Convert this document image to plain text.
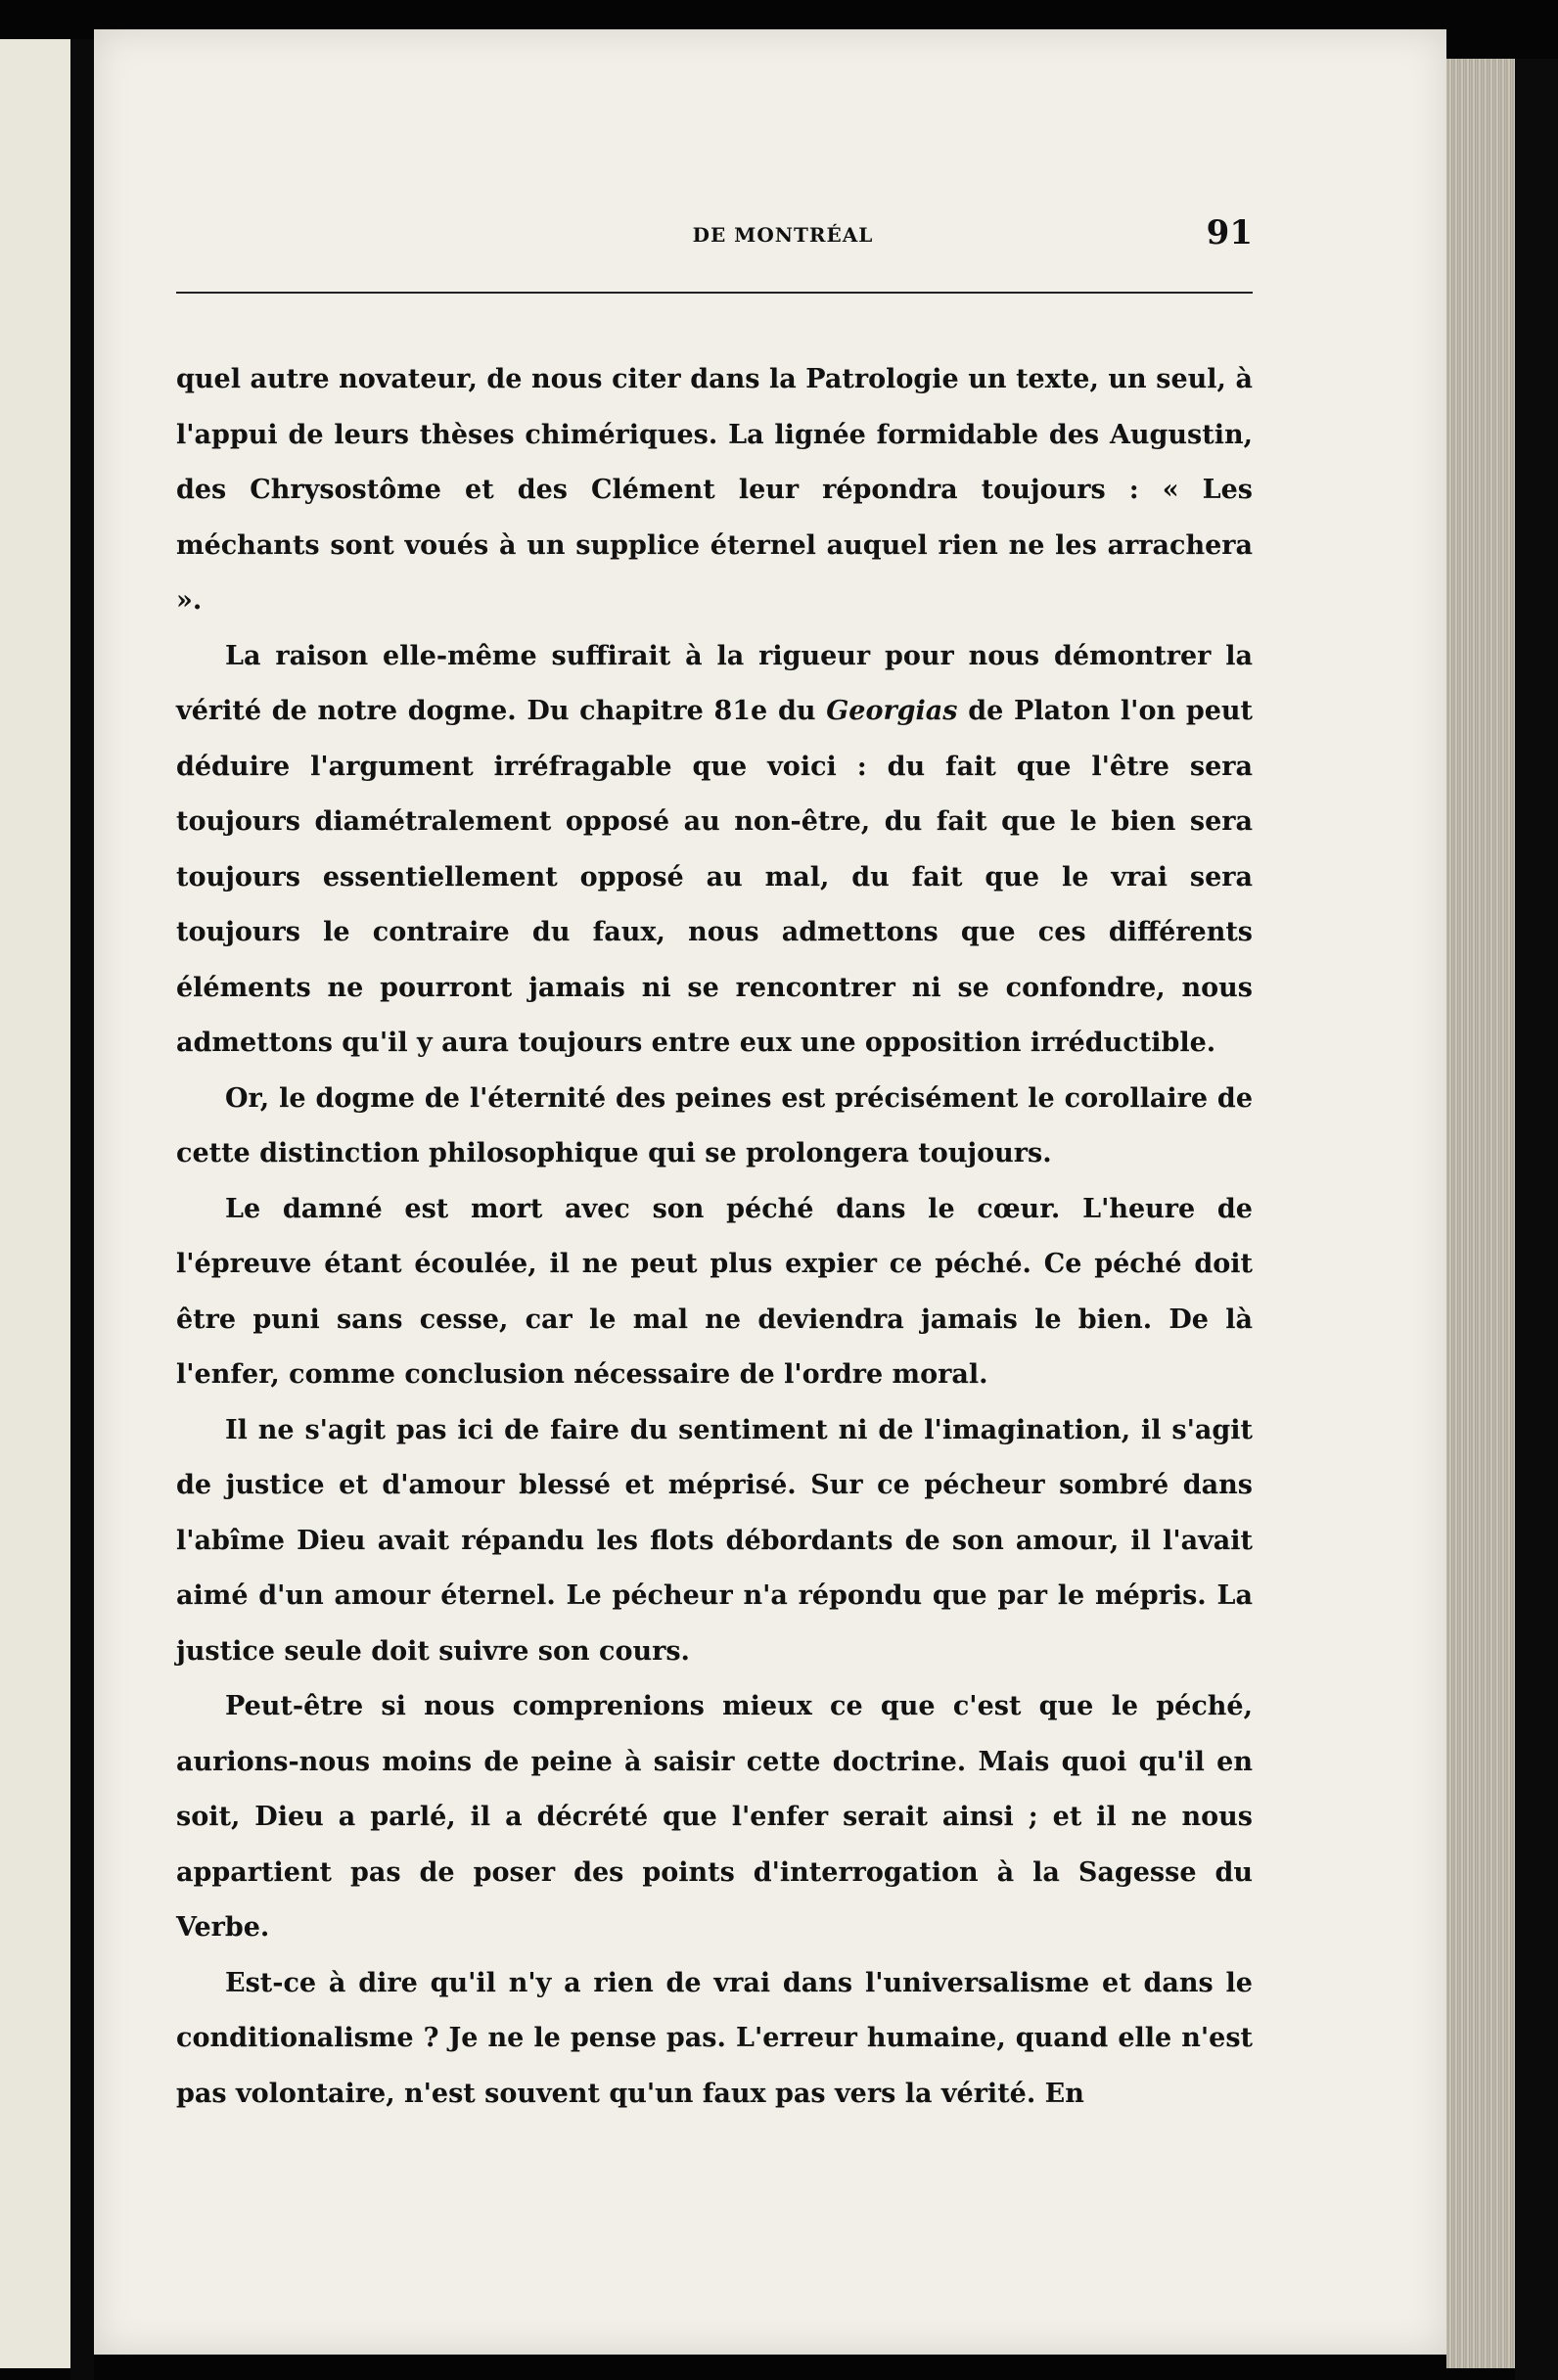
DE MONTRÉAL	91

quel autre novateur, de nous citer dans la Patrologie un texte, un seul, à l'appui de leurs thèses chimériques. La lignée formidable des Augustin, des Chrysostôme et des Clément leur répondra toujours : « Les méchants sont voués à un supplice éternel auquel rien ne les arrachera ».

La raison elle-même suffirait à la rigueur pour nous démontrer la vérité de notre dogme. Du chapitre 81e du Georgias de Platon l'on peut déduire l'argument irréfragable que voici : du fait que l'être sera toujours diamétralement opposé au non-être, du fait que le bien sera toujours essentiellement opposé au mal, du fait que le vrai sera toujours le contraire du faux, nous admettons que ces différents éléments ne pourront jamais ni se rencontrer ni se confondre, nous admettons qu'il y aura toujours entre eux une opposition irréductible.

Or, le dogme de l'éternité des peines est précisément le corollaire de cette distinction philosophique qui se prolongera toujours.

Le damné est mort avec son péché dans le cœur. L'heure de l'épreuve étant écoulée, il ne peut plus expier ce péché. Ce péché doit être puni sans cesse, car le mal ne deviendra jamais le bien. De là l'enfer, comme conclusion nécessaire de l'ordre moral.

Il ne s'agit pas ici de faire du sentiment ni de l'imagination, il s'agit de justice et d'amour blessé et méprisé. Sur ce pécheur sombré dans l'abîme Dieu avait répandu les flots débordants de son amour, il l'avait aimé d'un amour éternel. Le pécheur n'a répondu que par le mépris. La justice seule doit suivre son cours.

Peut-être si nous comprenions mieux ce que c'est que le péché, aurions-nous moins de peine à saisir cette doctrine. Mais quoi qu'il en soit, Dieu a parlé, il a décrété que l'enfer serait ainsi ; et il ne nous appartient pas de poser des points d'interrogation à la Sagesse du Verbe.

Est-ce à dire qu'il n'y a rien de vrai dans l'universalisme et dans le conditionalisme ? Je ne le pense pas. L'erreur humaine, quand elle n'est pas volontaire, n'est souvent qu'un faux pas vers la vérité. En
